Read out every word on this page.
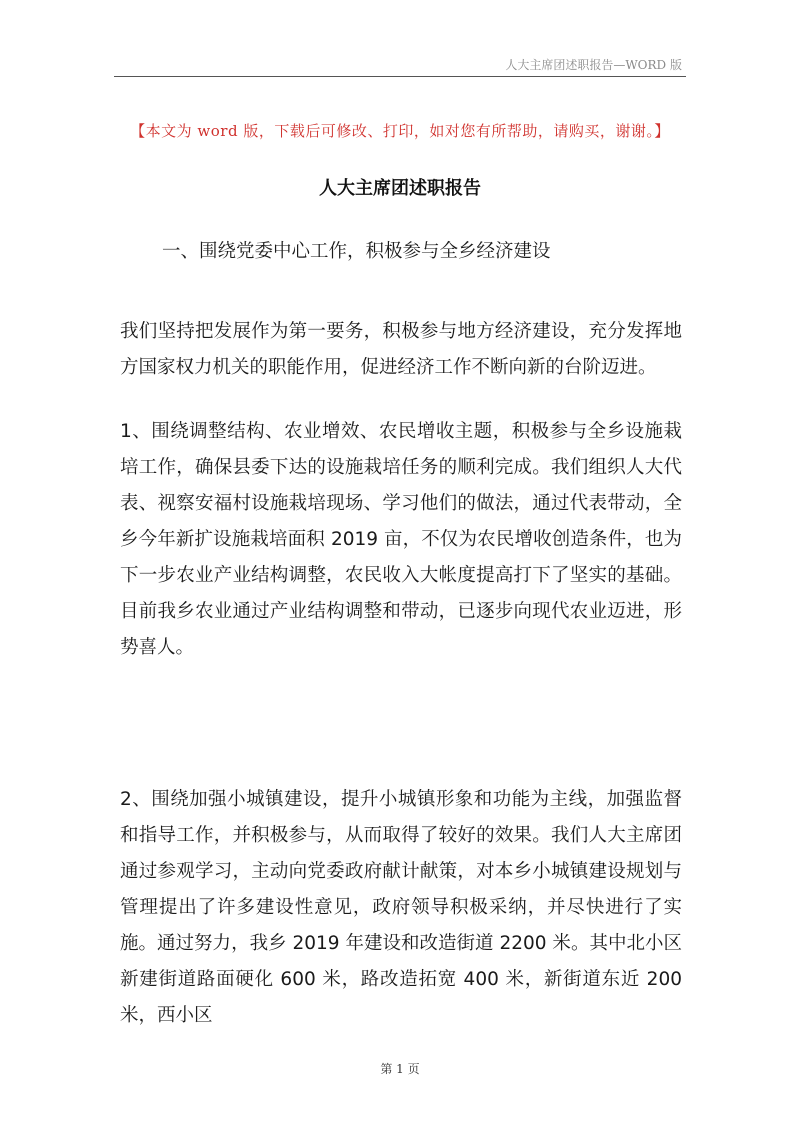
人大主席团述职报告—WORD 版
【本文为 word 版，下载后可修改、打印，如对您有所帮助，请购买，谢谢。】
人大主席团述职报告
一、围绕党委中心工作，积极参与全乡经济建设
我们坚持把发展作为第一要务，积极参与地方经济建设，充分发挥地方国家权力机关的职能作用，促进经济工作不断向新的台阶迈进。
1、围绕调整结构、农业增效、农民增收主题，积极参与全乡设施栽培工作，确保县委下达的设施栽培任务的顺利完成。我们组织人大代表、视察安福村设施栽培现场、学习他们的做法，通过代表带动，全乡今年新扩设施栽培面积 2019 亩，不仅为农民增收创造条件，也为下一步农业产业结构调整，农民收入大帐度提高打下了坚实的基础。目前我乡农业通过产业结构调整和带动，已逐步向现代农业迈进，形势喜人。
2、围绕加强小城镇建设，提升小城镇形象和功能为主线，加强监督和指导工作，并积极参与，从而取得了较好的效果。我们人大主席团通过参观学习，主动向党委政府献计献策，对本乡小城镇建设规划与管理提出了许多建设性意见，政府领导积极采纳，并尽快进行了实施。通过努力，我乡 2019 年建设和改造街道 2200 米。其中北小区新建街道路面硬化 600 米，路改造拓宽 400 米，新街道东近 200 米，西小区
第 1 页
